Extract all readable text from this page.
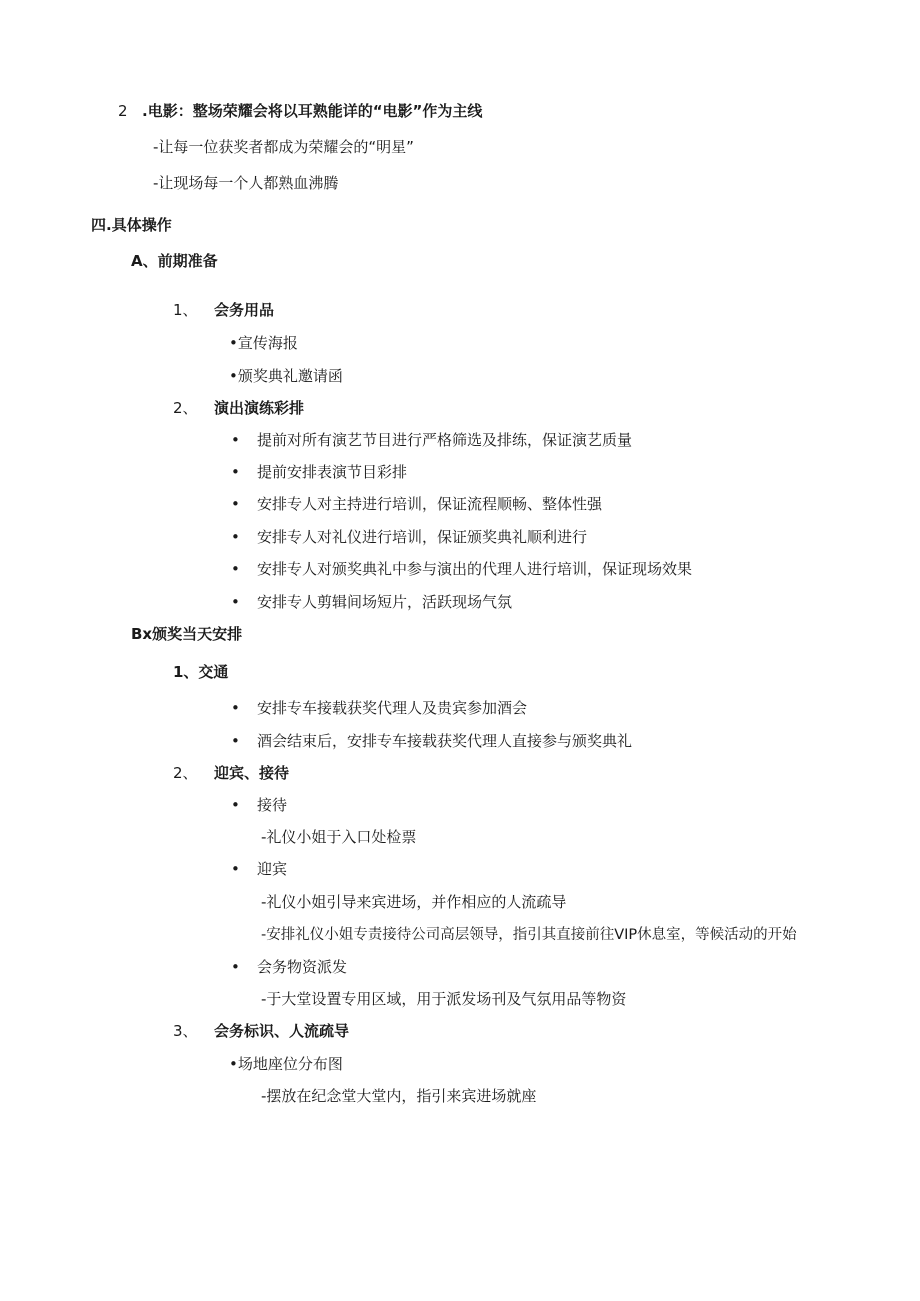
2 .电影：整场荣耀会将以耳熟能详的“电影”作为主线
-让每一位获奖者都成为荣耀会的“明星”
-让现场每一个人都熟血沸腾
四.具体操作
A、前期准备
1、 会务用品
•宣传海报
•颁奖典礼邀请函
2、 演出演练彩排
• 提前对所有演艺节目进行严格筛选及排练，保证演艺质量
• 提前安排表演节目彩排
• 安排专人对主持进行培训，保证流程顺畅、整体性强
• 安排专人对礼仪进行培训，保证颁奖典礼顺利进行
• 安排专人对颁奖典礼中参与演出的代理人进行培训，保证现场效果
• 安排专人剪辑间场短片，活跃现场气氛
Bx颁奖当天安排
1、交通
• 安排专车接载获奖代理人及贵宾参加酒会
• 酒会结束后，安排专车接载获奖代理人直接参与颁奖典礼
2、 迎宾、接待
• 接待
-礼仪小姐于入口处检票
• 迎宾
-礼仪小姐引导来宾进场，并作相应的人流疏导
-安排礼仪小姐专责接待公司高层领导，指引其直接前往VIP休息室，等候活动的开始
• 会务物资派发
-于大堂设置专用区域，用于派发场刊及气氛用品等物资
3、 会务标识、人流疏导
•场地座位分布图
-摆放在纪念堂大堂内，指引来宾进场就座
